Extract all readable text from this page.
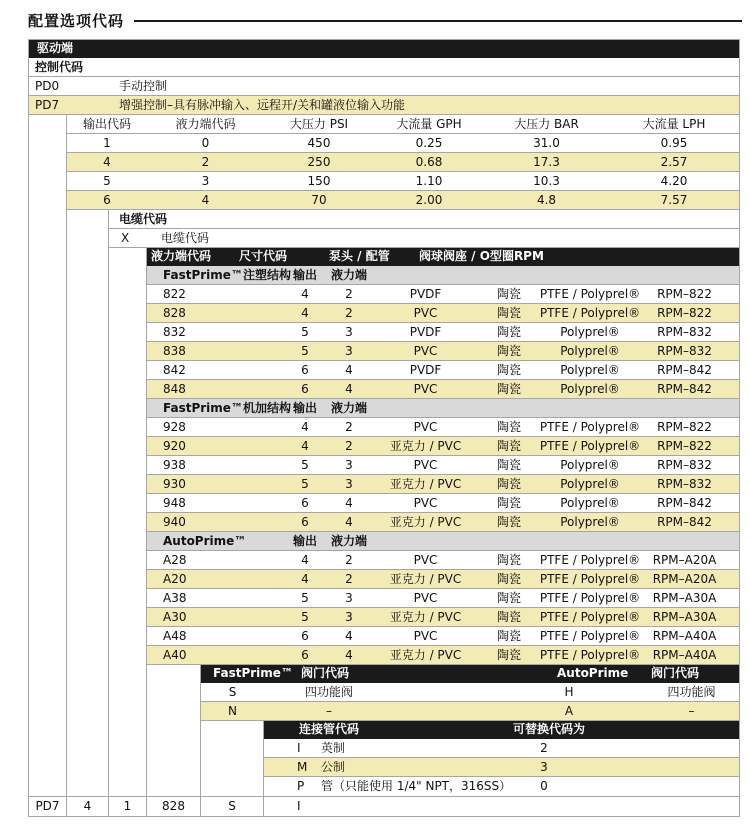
配置选项代码
驱动端
控制代码
PD0	手动控制
PD7	增强控制–具有脉冲输入、远程开/关和罐液位输入功能
输出代码	液力端代码	大压力 PSI	大流量 GPH	大压力 BAR	大流量 LPH
1	0	450	0.25	31.0	0.95
4	2	250	0.68	17.3	2.57
5	3	150	1.10	10.3	4.20
6	4	70	2.00	4.8	7.57
电缆代码
X	电缆代码
液力端代码 尺寸代码	泵头 / 配管 阀球阀座 / O型圈RPM
FastPrime™注塑结构 输出	液力端
822	4	2	PVDF	陶瓷	PTFE / Polyprel®	RPM–822
828	4	2	PVC	陶瓷	PTFE / Polyprel®	RPM–822
832	5	3	PVDF	陶瓷	Polyprel®	RPM–832
838	5	3	PVC	陶瓷	Polyprel®	RPM–832
842	6	4	PVDF	陶瓷	Polyprel®	RPM–842
848	6	4	PVC	陶瓷	Polyprel®	RPM–842
FastPrime™机加结构 输出	液力端
928	4	2	PVC	陶瓷	PTFE / Polyprel®	RPM–822
920	4	2	亚克力 / PVC	陶瓷	PTFE / Polyprel®	RPM–822
938	5	3	PVC	陶瓷	Polyprel®	RPM–832
930	5	3	亚克力 / PVC	陶瓷	Polyprel®	RPM–832
948	6	4	PVC	陶瓷	Polyprel®	RPM–842
940	6	4	亚克力 / PVC	陶瓷	Polyprel®	RPM–842
AutoPrime™	输出	液力端
A28	4	2	PVC	陶瓷	PTFE / Polyprel®	RPM–A20A
A20	4	2	亚克力 / PVC	陶瓷	PTFE / Polyprel®	RPM–A20A
A38	5	3	PVC	陶瓷	PTFE / Polyprel®	RPM–A30A
A30	5	3	亚克力 / PVC	陶瓷	PTFE / Polyprel®	RPM–A30A
A48	6	4	PVC	陶瓷	PTFE / Polyprel®	RPM–A40A
A40	6	4	亚克力 / PVC	陶瓷	PTFE / Polyprel®	RPM–A40A
FastPrime™ 阀门代码	AutoPrime 阀门代码
S	四功能阀	H	四功能阀
N	–	A	–
连接管代码	可替换代码为
I	英制	2
M	公制	3
P	管（只能使用 1/4" NPT，316SS）	0
PD7	4	1	828	S	I
